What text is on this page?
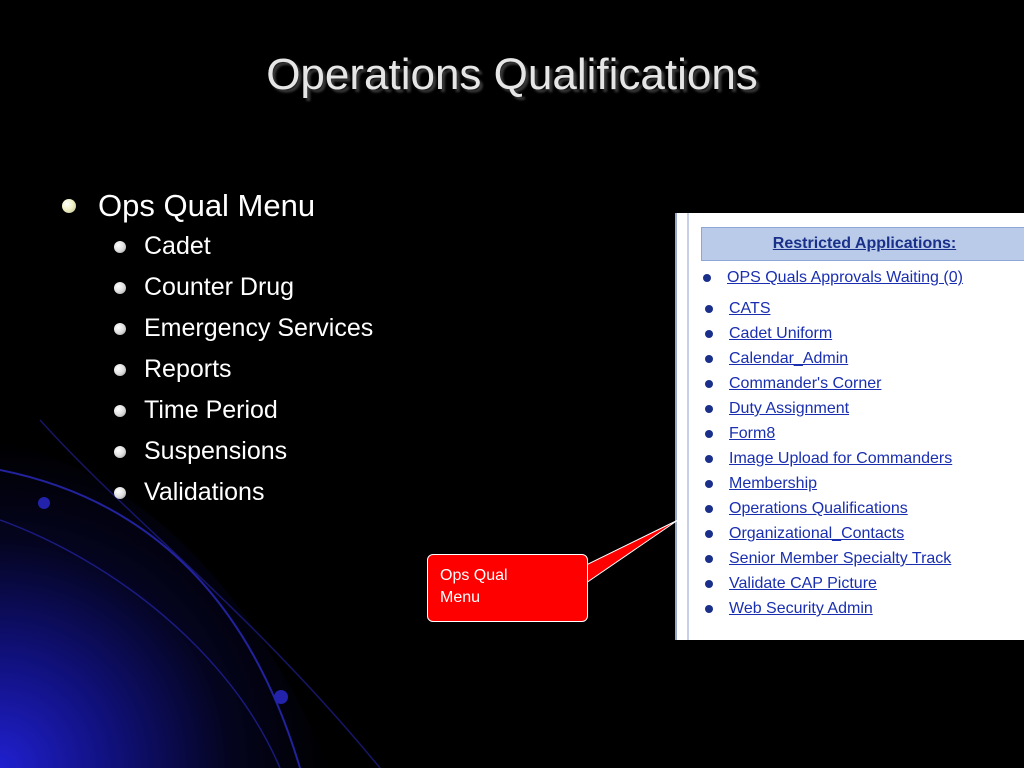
Operations Qualifications
Ops Qual Menu
Cadet
Counter Drug
Emergency Services
Reports
Time Period
Suspensions
Validations
Restricted Applications:
OPS Quals Approvals Waiting (0)
CATS
Cadet Uniform
Calendar_Admin
Commander's Corner
Duty Assignment
Form8
Image Upload for Commanders
Membership
Operations Qualifications
Organizational_Contacts
Senior Member Specialty Track
Validate CAP Picture
Web Security Admin
Ops Qual
Menu
